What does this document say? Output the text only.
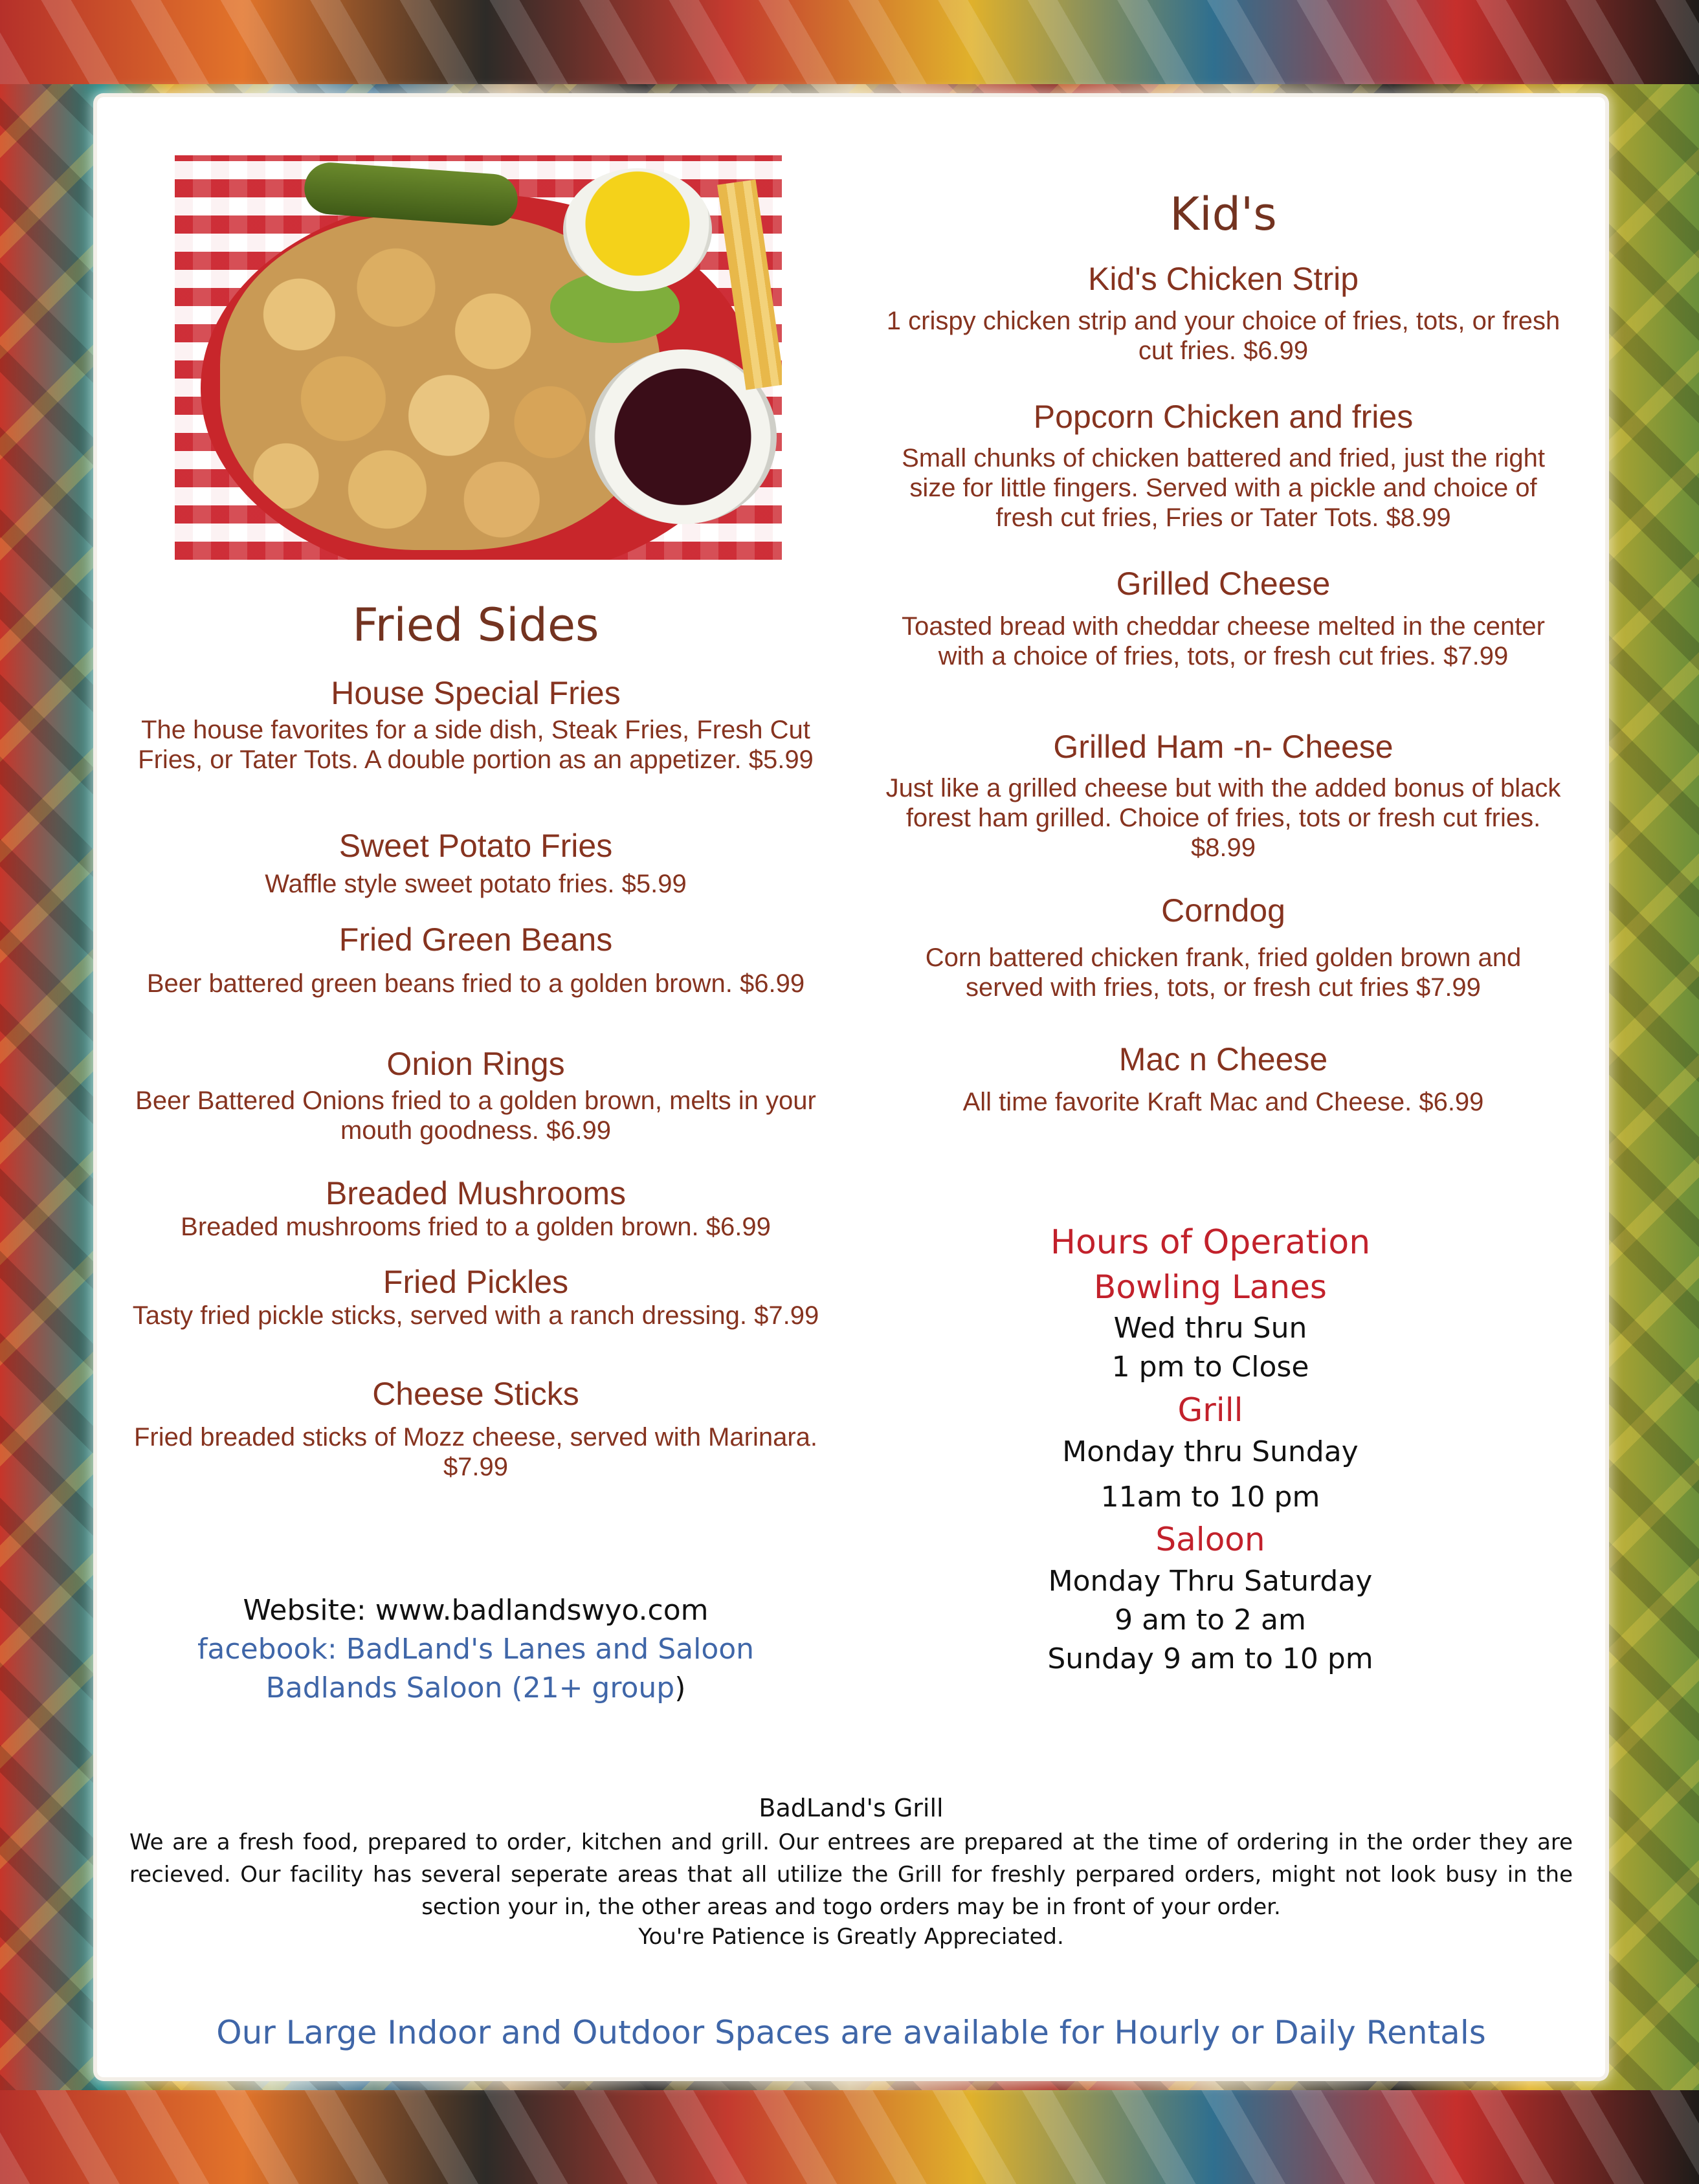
Fried Sides
House Special Fries
The house favorites for a side dish, Steak Fries, Fresh Cut Fries, or Tater Tots. A double portion as an appetizer. $5.99
Sweet Potato Fries
Waffle style sweet potato fries. $5.99
Fried Green Beans
Beer battered green beans fried to a golden brown. $6.99
Onion Rings
Beer Battered Onions fried to a golden brown, melts in your mouth goodness. $6.99
Breaded Mushrooms
Breaded mushrooms fried to a golden brown. $6.99
Fried Pickles
Tasty fried pickle sticks, served with a ranch dressing. $7.99
Cheese Sticks
Fried breaded sticks of Mozz cheese, served with Marinara. $7.99
Website: www.badlandswyo.com
facebook: BadLand's Lanes and Saloon
Badlands Saloon (21+ group)
Kid's
Kid's Chicken Strip
1 crispy chicken strip and your choice of fries, tots, or fresh cut fries. $6.99
Popcorn Chicken and fries
Small chunks of chicken battered and fried, just the right size for little fingers. Served with a pickle and choice of fresh cut fries, Fries or Tater Tots. $8.99
Grilled Cheese
Toasted bread with cheddar cheese melted in the center with a choice of fries, tots, or fresh cut fries. $7.99
Grilled Ham -n- Cheese
Just like a grilled cheese but with the added bonus of black forest ham grilled. Choice of fries, tots or fresh cut fries. $8.99
Corndog
Corn battered chicken frank, fried golden brown and served with fries, tots, or fresh cut fries $7.99
Mac n Cheese
All time favorite Kraft Mac and Cheese. $6.99
Hours of Operation
Bowling Lanes
Wed thru Sun
1 pm to Close
Grill
Monday thru Sunday
11am to 10 pm
Saloon
Monday Thru Saturday
9 am to 2 am
Sunday 9 am to 10 pm
BadLand's Grill
We are a fresh food, prepared to order, kitchen and grill. Our entrees are prepared at the time of ordering in the order they are recieved. Our facility has several seperate areas that all utilize the Grill for freshly perpared orders, might not look busy in the section your in, the other areas and togo orders may be in front of your order.
You're Patience is Greatly Appreciated.
Our Large Indoor and Outdoor Spaces are available for Hourly or Daily Rentals
